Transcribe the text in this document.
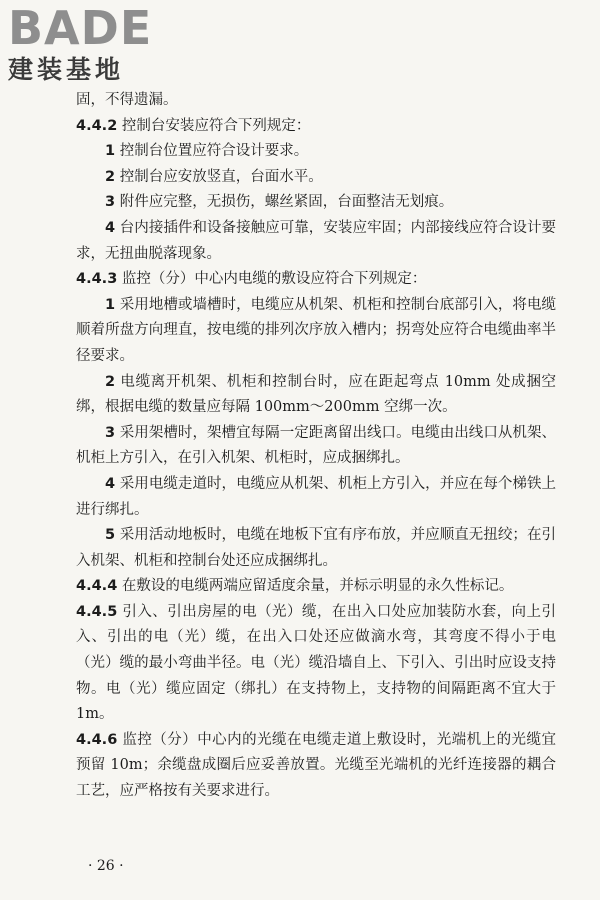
BADE
建装基地

固，不得遗漏。

4.4.2 控制台安装应符合下列规定：

1 控制台位置应符合设计要求。

2 控制台应安放竖直，台面水平。

3 附件应完整，无损伤，螺丝紧固，台面整洁无划痕。

4 台内接插件和设备接触应可靠，安装应牢固；内部接线应符合设计要求，无扭曲脱落现象。

4.4.3 监控（分）中心内电缆的敷设应符合下列规定：

1 采用地槽或墙槽时，电缆应从机架、机柜和控制台底部引入，将电缆顺着所盘方向理直，按电缆的排列次序放入槽内；拐弯处应符合电缆曲率半径要求。

2 电缆离开机架、机柜和控制台时，应在距起弯点 10mm 处成捆空绑，根据电缆的数量应每隔 100mm～200mm 空绑一次。

3 采用架槽时，架槽宜每隔一定距离留出线口。电缆由出线口从机架、机柜上方引入，在引入机架、机柜时，应成捆绑扎。

4 采用电缆走道时，电缆应从机架、机柜上方引入，并应在每个梯铁上进行绑扎。

5 采用活动地板时，电缆在地板下宜有序布放，并应顺直无扭绞；在引入机架、机柜和控制台处还应成捆绑扎。

4.4.4 在敷设的电缆两端应留适度余量，并标示明显的永久性标记。

4.4.5 引入、引出房屋的电（光）缆，在出入口处应加装防水套，向上引入、引出的电（光）缆，在出入口处还应做滴水弯，其弯度不得小于电（光）缆的最小弯曲半径。电（光）缆沿墙自上、下引入、引出时应设支持物。电（光）缆应固定（绑扎）在支持物上，支持物的间隔距离不宜大于 1m。

4.4.6 监控（分）中心内的光缆在电缆走道上敷设时，光端机上的光缆宜预留 10m；余缆盘成圈后应妥善放置。光缆至光端机的光纤连接器的耦合工艺，应严格按有关要求进行。

· 26 ·
